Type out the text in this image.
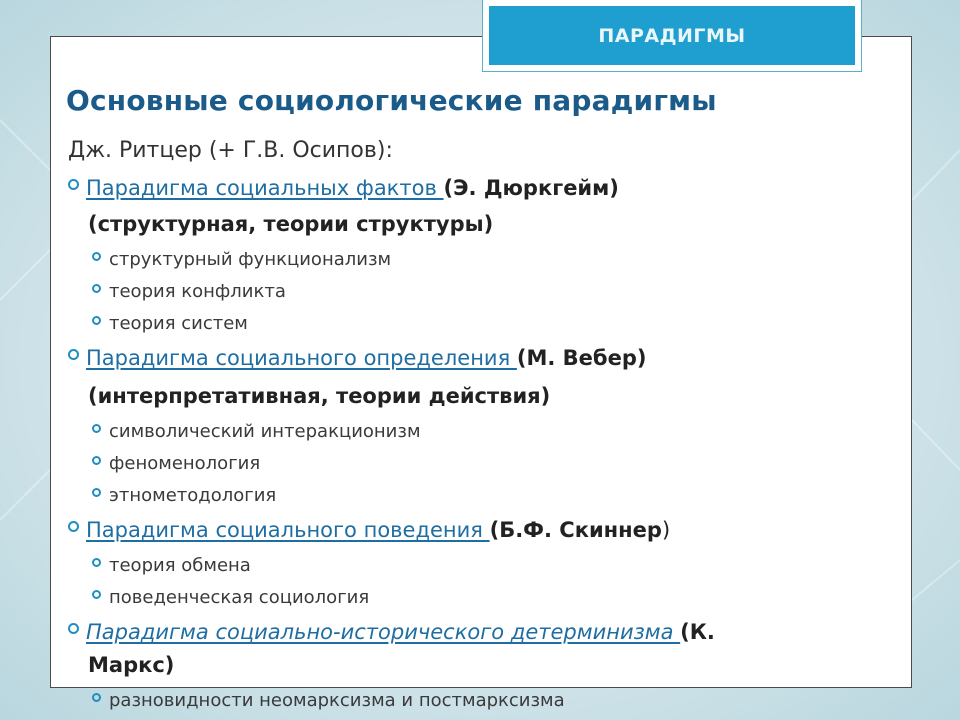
ПАРАДИГМЫ
Основные социологические парадигмы
Дж. Ритцер (+ Г.В. Осипов):
Парадигма социальных фактов (Э. Дюркгейм)
(структурная, теории структуры)
структурный функционализм
теория конфликта
теория систем
Парадигма социального определения (М. Вебер)
(интерпретативная, теории действия)
символический интеракционизм
феноменология
этнометодология
Парадигма социального поведения (Б.Ф. Скиннер)
теория обмена
поведенческая социология
Парадигма социально-исторического детерминизма (К.
Маркс)
разновидности неомарксизма и постмарксизма
